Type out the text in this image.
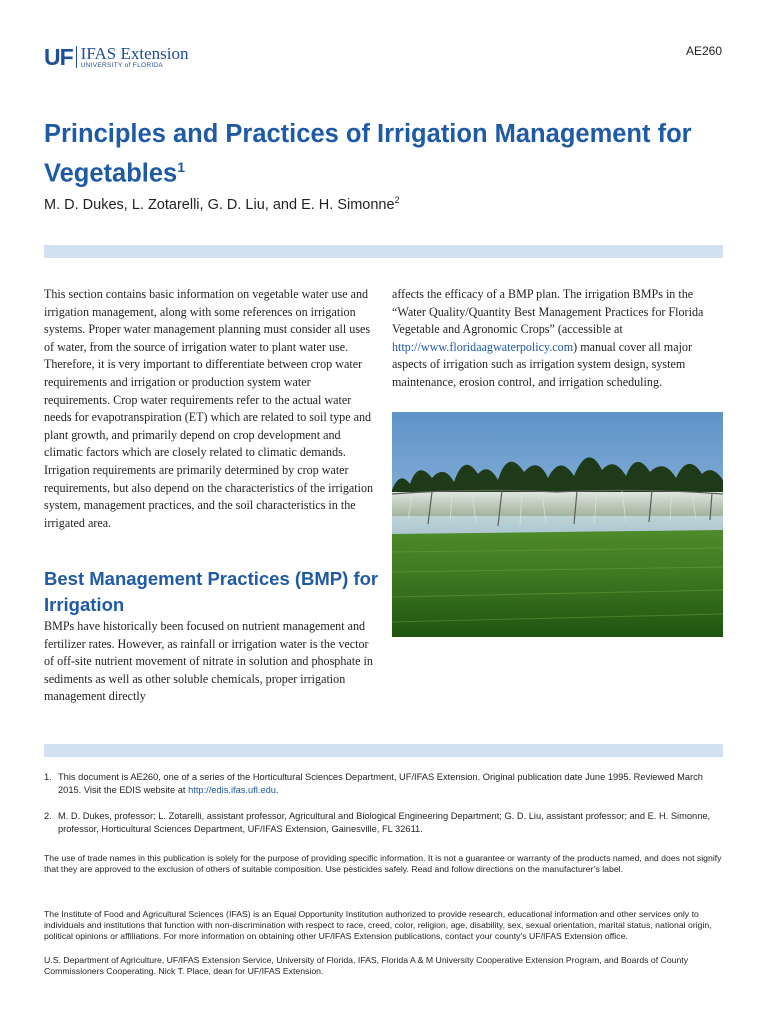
UF IFAS Extension
UNIVERSITY of FLORIDA
AE260
Principles and Practices of Irrigation Management for Vegetables$^1$
M. D. Dukes, L. Zotarelli, G. D. Liu, and E. H. Simonne$^2$

This section contains basic information on vegetable water use and irrigation management, along with some references on irrigation systems. Proper water management planning must consider all uses of water, from the source of irrigation water to plant water use. Therefore, it is very important to differentiate between crop water requirements and irrigation or production system water requirements. Crop water requirements refer to the actual water needs for evapotranspiration (ET) which are related to soil type and plant growth, and primarily depend on crop development and climatic factors which are closely related to climatic demands. Irrigation requirements are primarily determined by crop water requirements, but also depend on the characteristics of the irrigation system, management practices, and the soil characteristics in the irrigated area.

Best Management Practices (BMP) for Irrigation

BMPs have historically been focused on nutrient management and fertilizer rates. However, as rainfall or irrigation water is the vector of off-site nutrient movement of nitrate in solution and phosphate in sediments as well as other soluble chemicals, proper irrigation management directly

affects the efficacy of a BMP plan. The irrigation BMPs in the “Water Quality/Quantity Best Management Practices for Florida Vegetable and Agronomic Crops” (accessible at http://www.floridaagwaterpolicy.com) manual cover all major aspects of irrigation such as irrigation system design, system maintenance, erosion control, and irrigation scheduling.

1. This document is AE260, one of a series of the Horticultural Sciences Department, UF/IFAS Extension. Original publication date June 1995. Reviewed March 2015. Visit the EDIS website at http://edis.ifas.ufl.edu.
2. M. D. Dukes, professor; L. Zotarelli, assistant professor, Agricultural and Biological Engineering Department; G. D. Liu, assistant professor; and E. H. Simonne, professor, Horticultural Sciences Department, UF/IFAS Extension, Gainesville, FL 32611.
The use of trade names in this publication is solely for the purpose of providing specific information. It is not a guarantee or warranty of the products named, and does not signify that they are approved to the exclusion of others of suitable composition. Use pesticides safely. Read and follow directions on the manufacturer’s label.
The Institute of Food and Agricultural Sciences (IFAS) is an Equal Opportunity Institution authorized to provide research, educational information and other services only to individuals and institutions that function with non-discrimination with respect to race, creed, color, religion, age, disability, sex, sexual orientation, marital status, national origin, political opinions or affiliations. For more information on obtaining other UF/IFAS Extension publications, contact your county’s UF/IFAS Extension office.
U.S. Department of Agriculture, UF/IFAS Extension Service, University of Florida, IFAS, Florida A & M University Cooperative Extension Program, and Boards of County Commissioners Cooperating. Nick T. Place, dean for UF/IFAS Extension.
